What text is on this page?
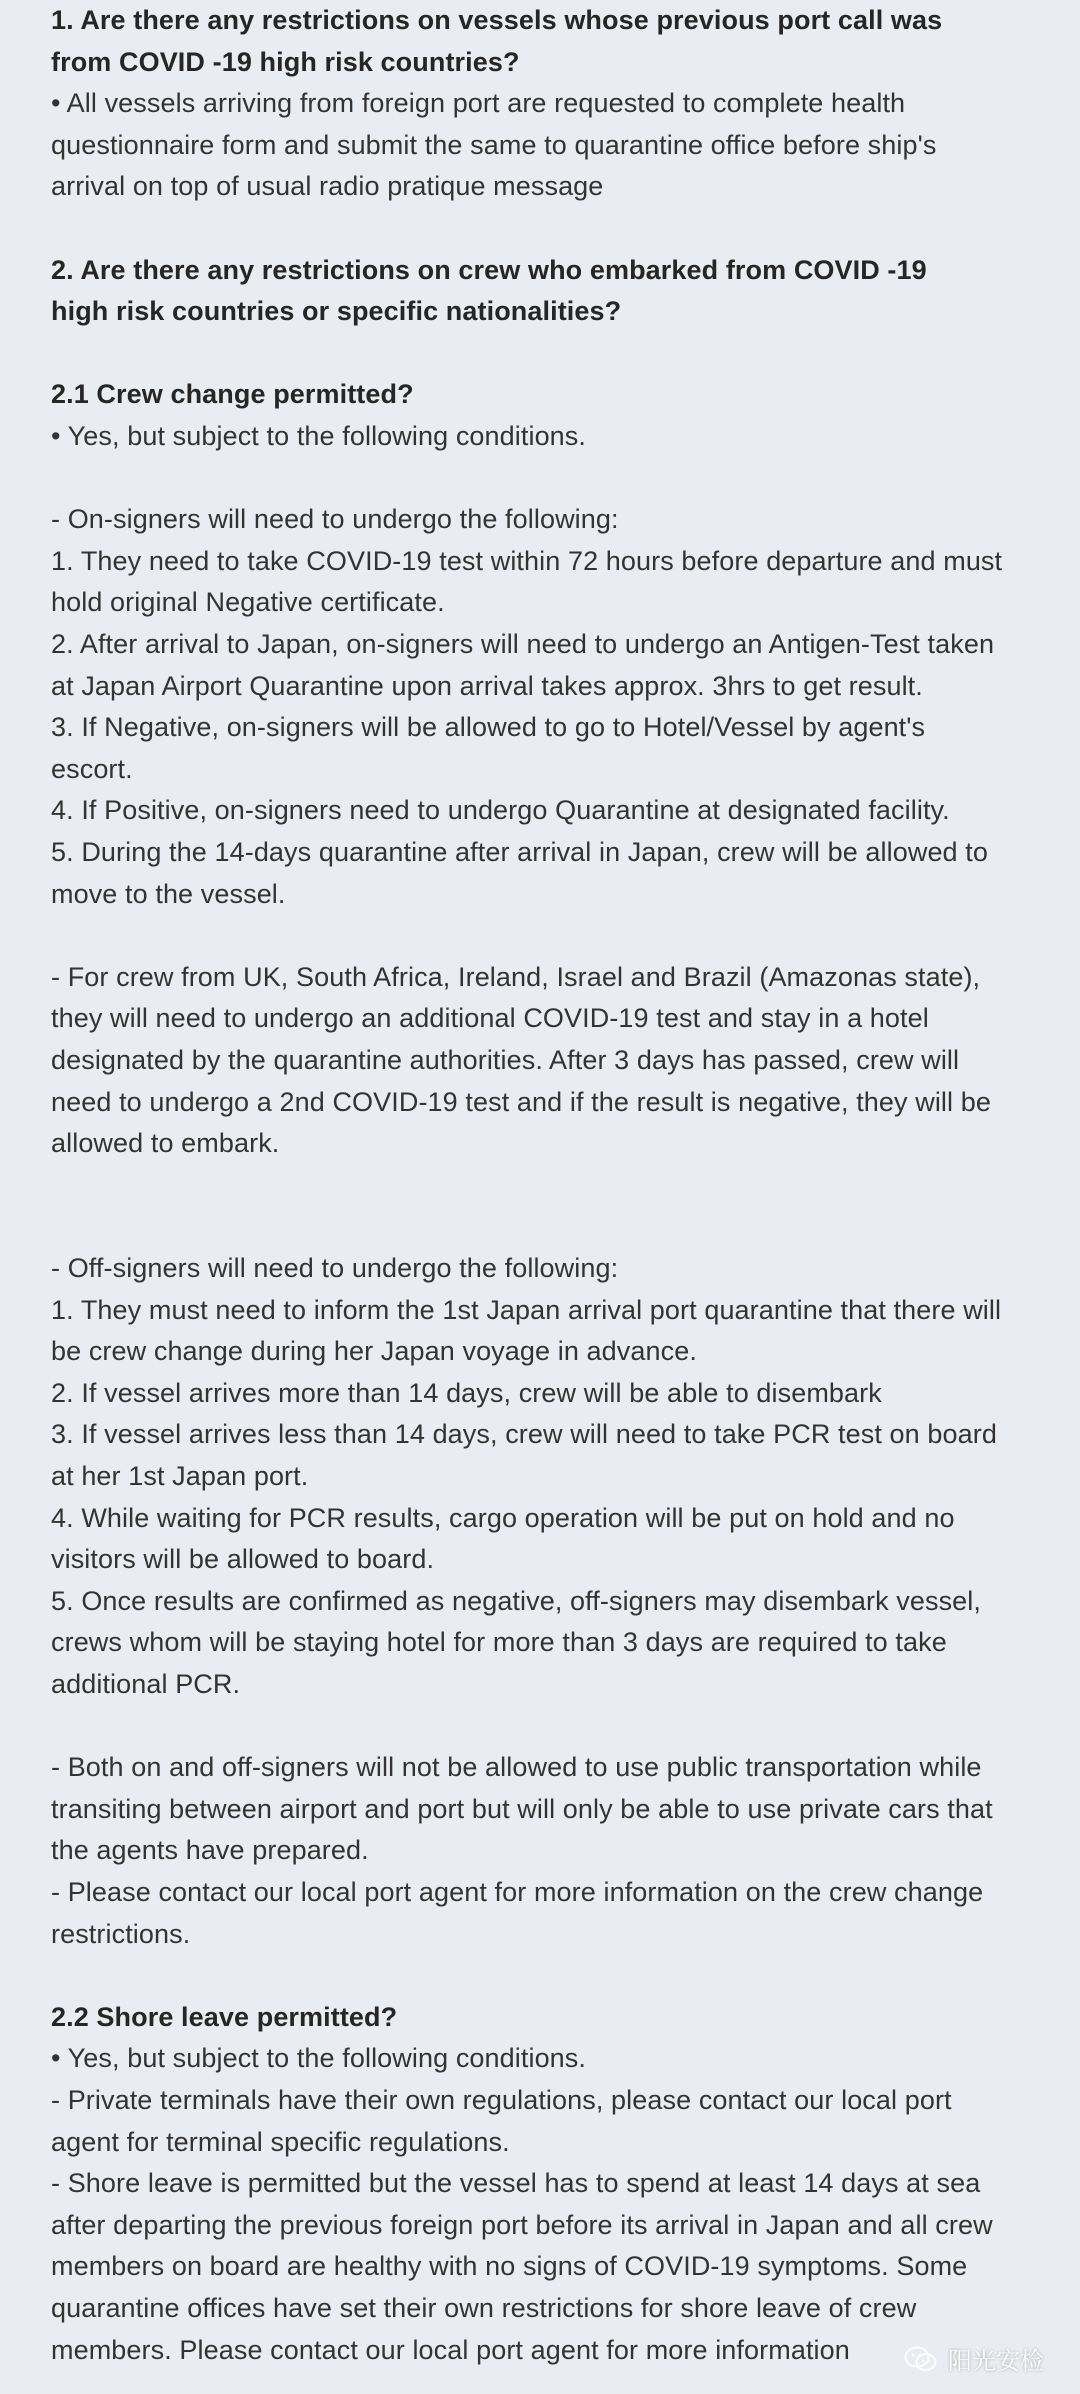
1. Are there any restrictions on vessels whose previous port call was
from COVID -19 high risk countries?
• All vessels arriving from foreign port are requested to complete health
questionnaire form and submit the same to quarantine office before ship's
arrival on top of usual radio pratique message
2. Are there any restrictions on crew who embarked from COVID -19
high risk countries or specific nationalities?
2.1 Crew change permitted?
• Yes, but subject to the following conditions.
- On-signers will need to undergo the following:
1. They need to take COVID-19 test within 72 hours before departure and must
hold original Negative certificate.
2. After arrival to Japan, on-signers will need to undergo an Antigen-Test taken
at Japan Airport Quarantine upon arrival takes approx. 3hrs to get result.
3. If Negative, on-signers will be allowed to go to Hotel/Vessel by agent's
escort.
4. If Positive, on-signers need to undergo Quarantine at designated facility.
5. During the 14-days quarantine after arrival in Japan, crew will be allowed to
move to the vessel.
- For crew from UK, South Africa, Ireland, Israel and Brazil (Amazonas state),
they will need to undergo an additional COVID-19 test and stay in a hotel
designated by the quarantine authorities. After 3 days has passed, crew will
need to undergo a 2nd COVID-19 test and if the result is negative, they will be
allowed to embark.
- Off-signers will need to undergo the following:
1. They must need to inform the 1st Japan arrival port quarantine that there will
be crew change during her Japan voyage in advance.
2. If vessel arrives more than 14 days, crew will be able to disembark
3. If vessel arrives less than 14 days, crew will need to take PCR test on board
at her 1st Japan port.
4. While waiting for PCR results, cargo operation will be put on hold and no
visitors will be allowed to board.
5. Once results are confirmed as negative, off-signers may disembark vessel,
crews whom will be staying hotel for more than 3 days are required to take
additional PCR.
- Both on and off-signers will not be allowed to use public transportation while
transiting between airport and port but will only be able to use private cars that
the agents have prepared.
- Please contact our local port agent for more information on the crew change
restrictions.
2.2 Shore leave permitted?
• Yes, but subject to the following conditions.
- Private terminals have their own regulations, please contact our local port
agent for terminal specific regulations.
- Shore leave is permitted but the vessel has to spend at least 14 days at sea
after departing the previous foreign port before its arrival in Japan and all crew
members on board are healthy with no signs of COVID-19 symptoms. Some
quarantine offices have set their own restrictions for shore leave of crew
members. Please contact our local port agent for more information	阳光安检
